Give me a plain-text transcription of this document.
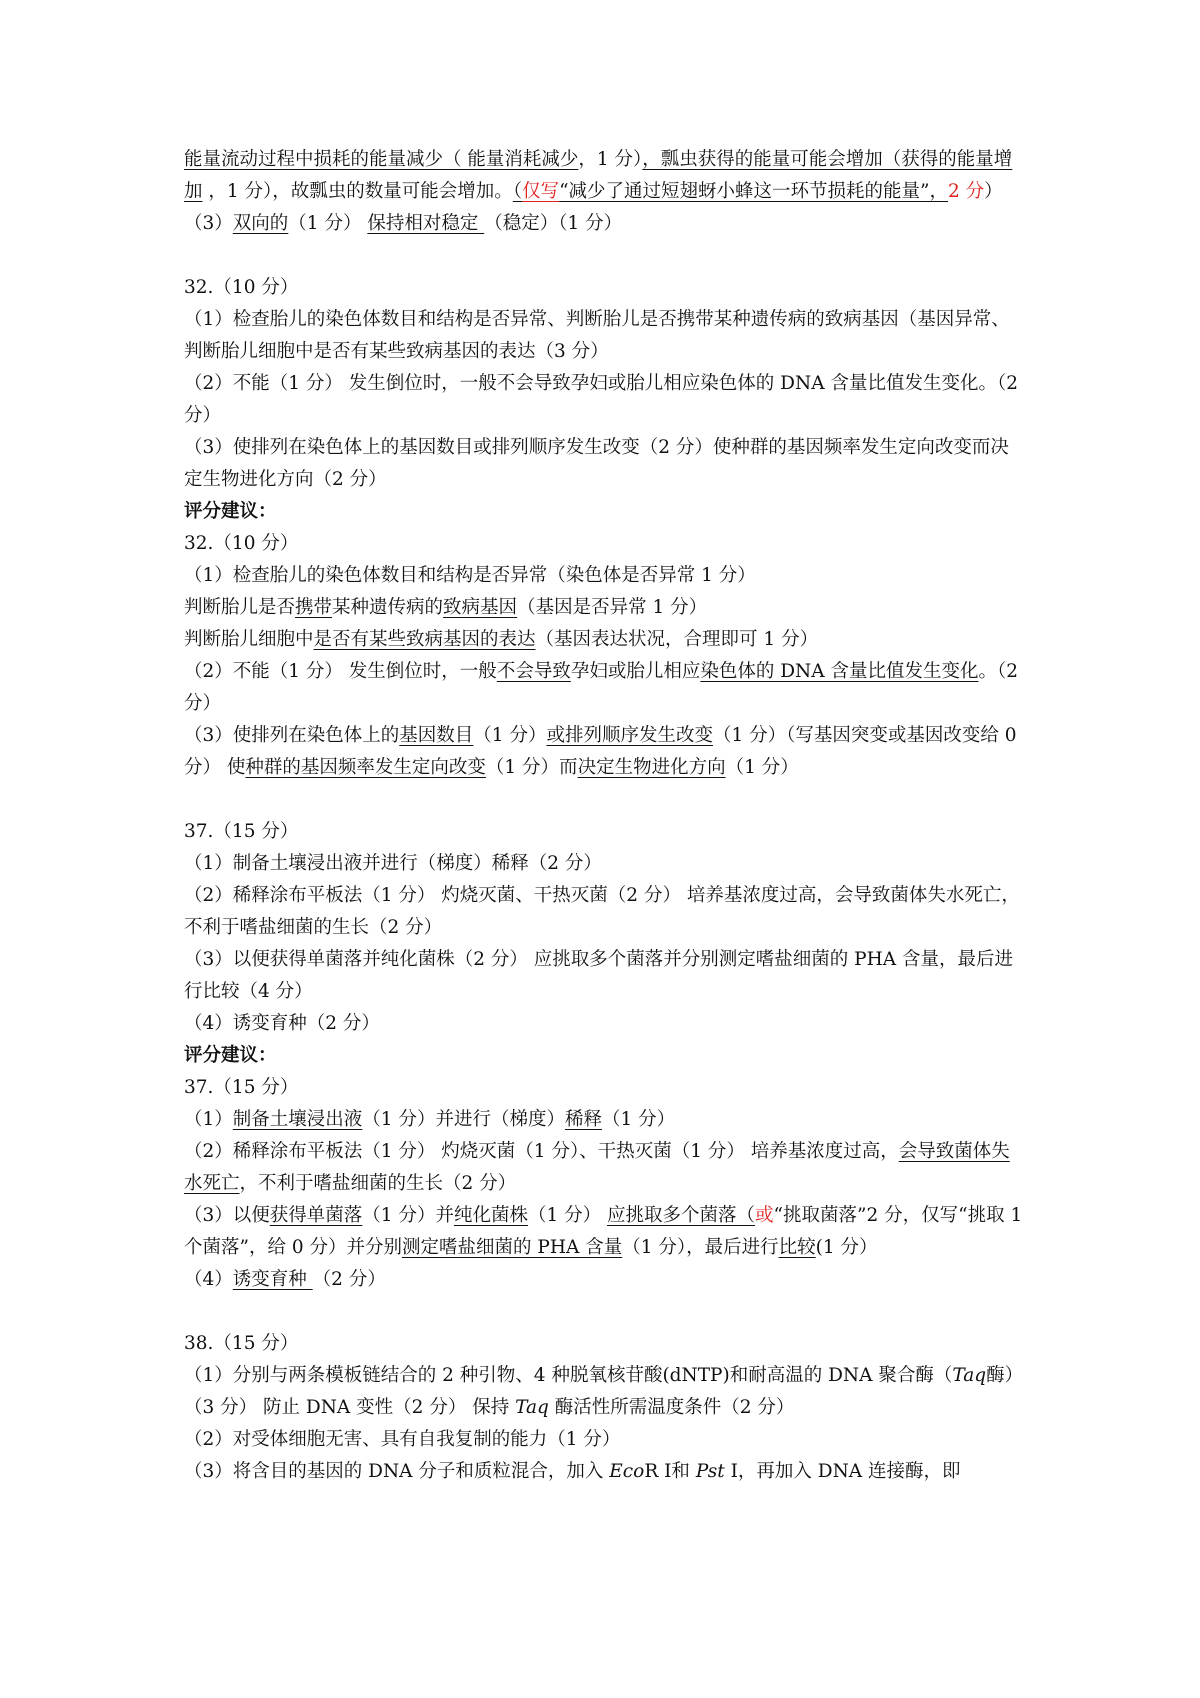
能量流动过程中损耗的能量减少（ 能量消耗减少，1 分），瓢虫获得的能量可能会增加（获得的能量增加 ，1 分），故瓢虫的数量可能会增加。（仅写“减少了通过短翅蚜小蜂这一环节损耗的能量”，2 分）

（3）双向的（1 分） 保持相对稳定 （稳定）（1 分）

32.（10 分）

（1）检查胎儿的染色体数目和结构是否异常、判断胎儿是否携带某种遗传病的致病基因（基因异常、判断胎儿细胞中是否有某些致病基因的表达（3 分）

（2）不能（1 分） 发生倒位时，一般不会导致孕妇或胎儿相应染色体的 DNA 含量比值发生变化。（2 分）

（3）使排列在染色体上的基因数目或排列顺序发生改变（2 分）使种群的基因频率发生定向改变而决定生物进化方向（2 分）

评分建议：

32.（10 分）

（1）检查胎儿的染色体数目和结构是否异常（染色体是否异常 1 分）

判断胎儿是否携带某种遗传病的致病基因（基因是否异常 1 分）

判断胎儿细胞中是否有某些致病基因的表达（基因表达状况，合理即可 1 分）

（2）不能（1 分） 发生倒位时，一般不会导致孕妇或胎儿相应染色体的 DNA 含量比值发生变化。（2 分）

（3）使排列在染色体上的基因数目（1 分）或排列顺序发生改变（1 分）（写基因突变或基因改变给 0 分） 使种群的基因频率发生定向改变（1 分）而决定生物进化方向（1 分）

37.（15 分）

（1）制备土壤浸出液并进行（梯度）稀释（2 分）

（2）稀释涂布平板法（1 分） 灼烧灭菌、干热灭菌（2 分） 培养基浓度过高，会导致菌体失水死亡，不利于嗜盐细菌的生长（2 分）

（3）以便获得单菌落并纯化菌株（2 分） 应挑取多个菌落并分别测定嗜盐细菌的 PHA 含量，最后进行比较（4 分）

（4）诱变育种（2 分）

评分建议：

37.（15 分）

（1）制备土壤浸出液（1 分）并进行（梯度）稀释（1 分）

（2）稀释涂布平板法（1 分） 灼烧灭菌（1 分）、干热灭菌（1 分） 培养基浓度过高，会导致菌体失水死亡，不利于嗜盐细菌的生长（2 分）

（3）以便获得单菌落（1 分）并纯化菌株（1 分） 应挑取多个菌落（或“挑取菌落”2 分，仅写“挑取 1 个菌落”，给 0 分）并分别测定嗜盐细菌的 PHA 含量（1 分），最后进行比较(1 分）

（4）诱变育种 （2 分）

38.（15 分）

（1）分别与两条模板链结合的 2 种引物、4 种脱氧核苷酸(dNTP)和耐高温的 DNA 聚合酶（Taq酶）（3 分） 防止 DNA 变性（2 分） 保持 Taq 酶活性所需温度条件（2 分）

（2）对受体细胞无害、具有自我复制的能力（1 分）

（3）将含目的基因的 DNA 分子和质粒混合，加入 EcoR Ⅰ和 Pst Ⅰ，再加入 DNA 连接酶，即
